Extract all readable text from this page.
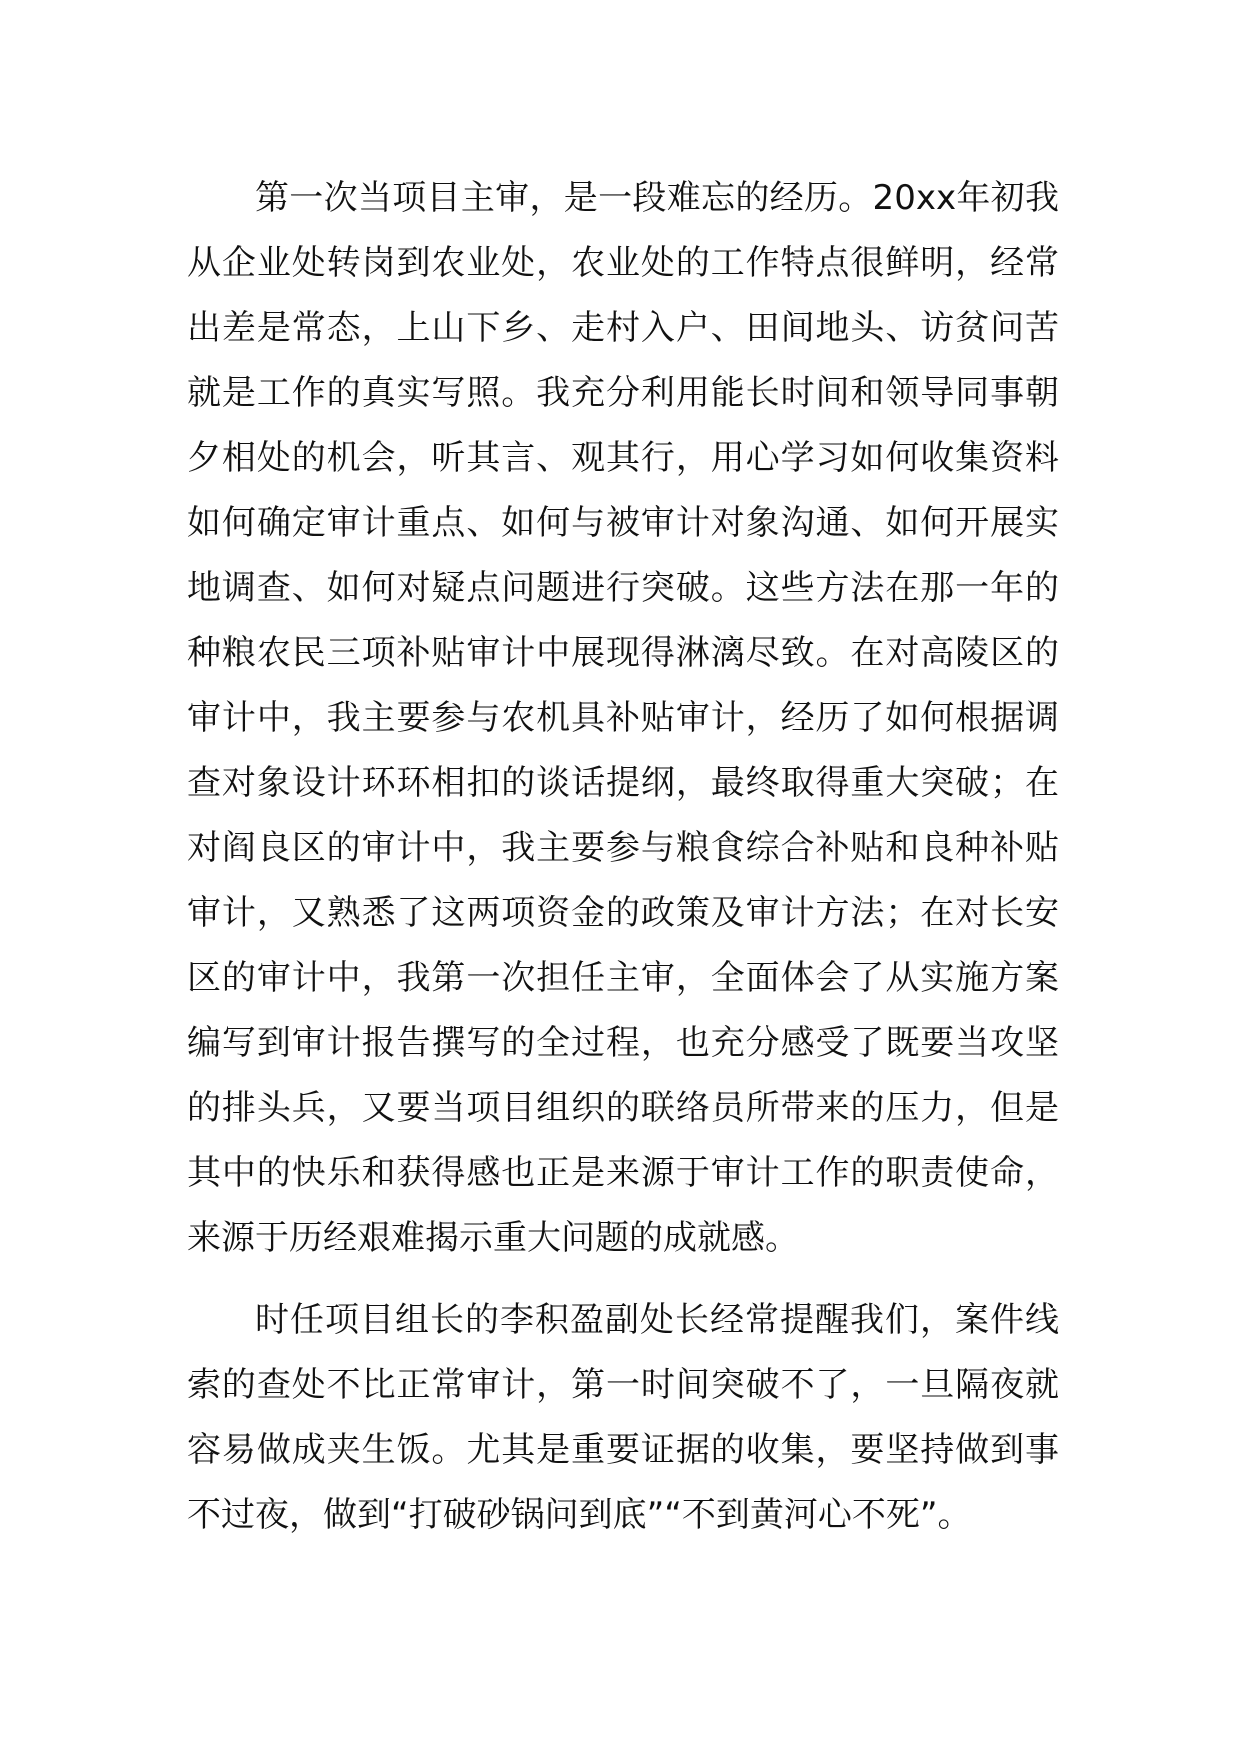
第一次当项目主审，是一段难忘的经历。20xx年初我
从企业处转岗到农业处，农业处的工作特点很鲜明，经常
出差是常态，上山下乡、走村入户、田间地头、访贫问苦
就是工作的真实写照。我充分利用能长时间和领导同事朝
夕相处的机会，听其言、观其行，用心学习如何收集资料
如何确定审计重点、如何与被审计对象沟通、如何开展实
地调查、如何对疑点问题进行突破。这些方法在那一年的
种粮农民三项补贴审计中展现得淋漓尽致。在对高陵区的
审计中，我主要参与农机具补贴审计，经历了如何根据调
查对象设计环环相扣的谈话提纲，最终取得重大突破；在
对阎良区的审计中，我主要参与粮食综合补贴和良种补贴
审计，又熟悉了这两项资金的政策及审计方法；在对长安
区的审计中，我第一次担任主审，全面体会了从实施方案
编写到审计报告撰写的全过程，也充分感受了既要当攻坚
的排头兵，又要当项目组织的联络员所带来的压力，但是
其中的快乐和获得感也正是来源于审计工作的职责使命，
来源于历经艰难揭示重大问题的成就感。
时任项目组长的李积盈副处长经常提醒我们，案件线
索的查处不比正常审计，第一时间突破不了，一旦隔夜就
容易做成夹生饭。尤其是重要证据的收集，要坚持做到事
不过夜，做到“打破砂锅问到底”“不到黄河心不死”。
